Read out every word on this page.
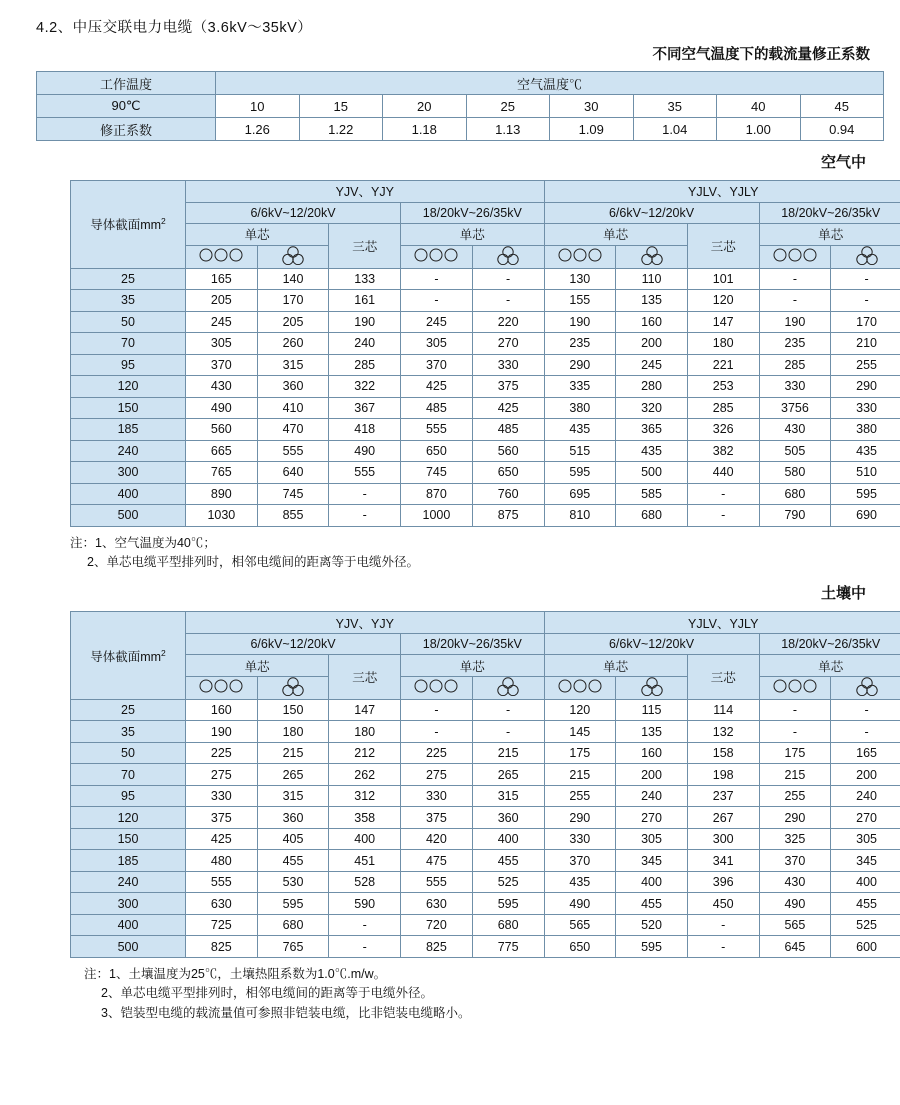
4.2、中压交联电力电缆（3.6kV～35kV）
不同空气温度下的载流量修正系数
工作温度	空气温度℃							
90℃	10	15	20	25	30	35	40	45
修正系数	1.26	1.22	1.18	1.13	1.09	1.04	1.00	0.94
空气中
导体截面$mm^2$	YJV、YJY					YJLV、YJLY				
	6/6kV~12/20kV			18/20kV~26/35kV		6/6kV~12/20kV			18/20kV~26/35kV	
	单芯		三芯	单芯		单芯		三芯	单芯	

25	165	140	133	-	-	130	110	101	-	-
35	205	170	161	-	-	155	135	120	-	-
50	245	205	190	245	220	190	160	147	190	170
70	305	260	240	305	270	235	200	180	235	210
95	370	315	285	370	330	290	245	221	285	255
120	430	360	322	425	375	335	280	253	330	290
150	490	410	367	485	425	380	320	285	3756	330
185	560	470	418	555	485	435	365	326	430	380
240	665	555	490	650	560	515	435	382	505	435
300	765	640	555	745	650	595	500	440	580	510
400	890	745	-	870	760	695	585	-	680	595
500	1030	855	-	1000	875	810	680	-	790	690
注：1、空气温度为40℃；
2、单芯电缆平型排列时，相邻电缆间的距离等于电缆外径。
土壤中
导体截面$mm^2$	YJV、YJY					YJLV、YJLY				
	6/6kV~12/20kV			18/20kV~26/35kV		6/6kV~12/20kV			18/20kV~26/35kV	
	单芯		三芯	单芯		单芯		三芯	单芯	

25	160	150	147	-	-	120	115	114	-	-
35	190	180	180	-	-	145	135	132	-	-
50	225	215	212	225	215	175	160	158	175	165
70	275	265	262	275	265	215	200	198	215	200
95	330	315	312	330	315	255	240	237	255	240
120	375	360	358	375	360	290	270	267	290	270
150	425	405	400	420	400	330	305	300	325	305
185	480	455	451	475	455	370	345	341	370	345
240	555	530	528	555	525	435	400	396	430	400
300	630	595	590	630	595	490	455	450	490	455
400	725	680	-	720	680	565	520	-	565	525
500	825	765	-	825	775	650	595	-	645	600
注：1、土壤温度为25℃，土壤热阻系数为1.0℃.m/w。
2、单芯电缆平型排列时，相邻电缆间的距离等于电缆外径。
3、铠装型电缆的载流量值可参照非铠装电缆，比非铠装电缆略小。
